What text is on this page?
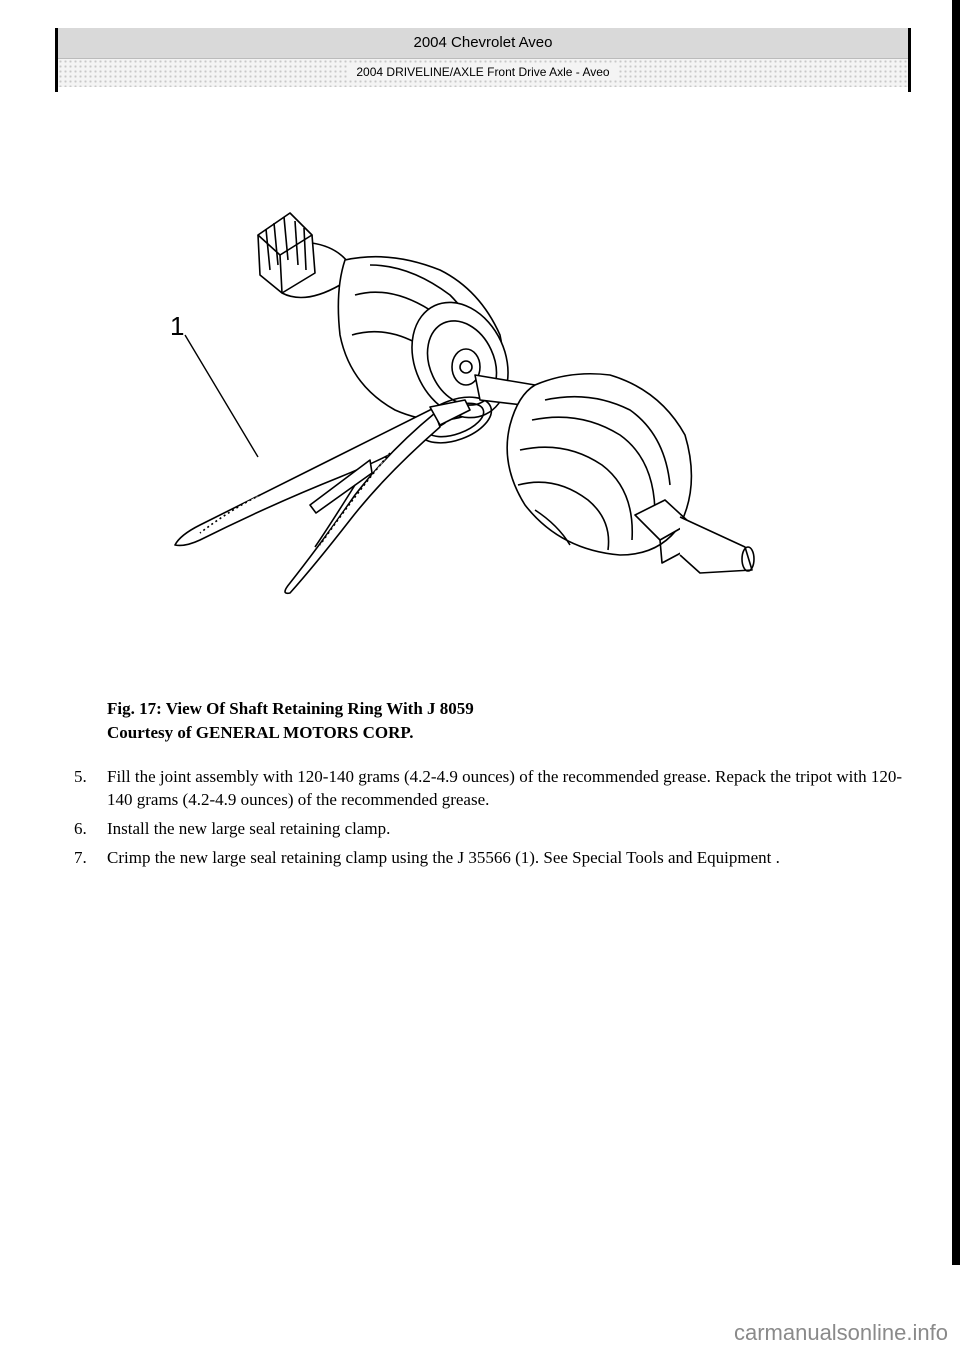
2004 Chevrolet Aveo
2004 DRIVELINE/AXLE Front Drive Axle - Aveo
1
Fig. 17: View Of Shaft Retaining Ring With J 8059
Courtesy of GENERAL MOTORS CORP.
5.	Fill the joint assembly with 120-140 grams (4.2-4.9 ounces) of the recommended grease. Repack the tripot with 120-140 grams (4.2-4.9 ounces) of the recommended grease.
6.	Install the new large seal retaining clamp.
7.	Crimp the new large seal retaining clamp using the J 35566 (1). See Special Tools and Equipment .
carmanualsonline.info
